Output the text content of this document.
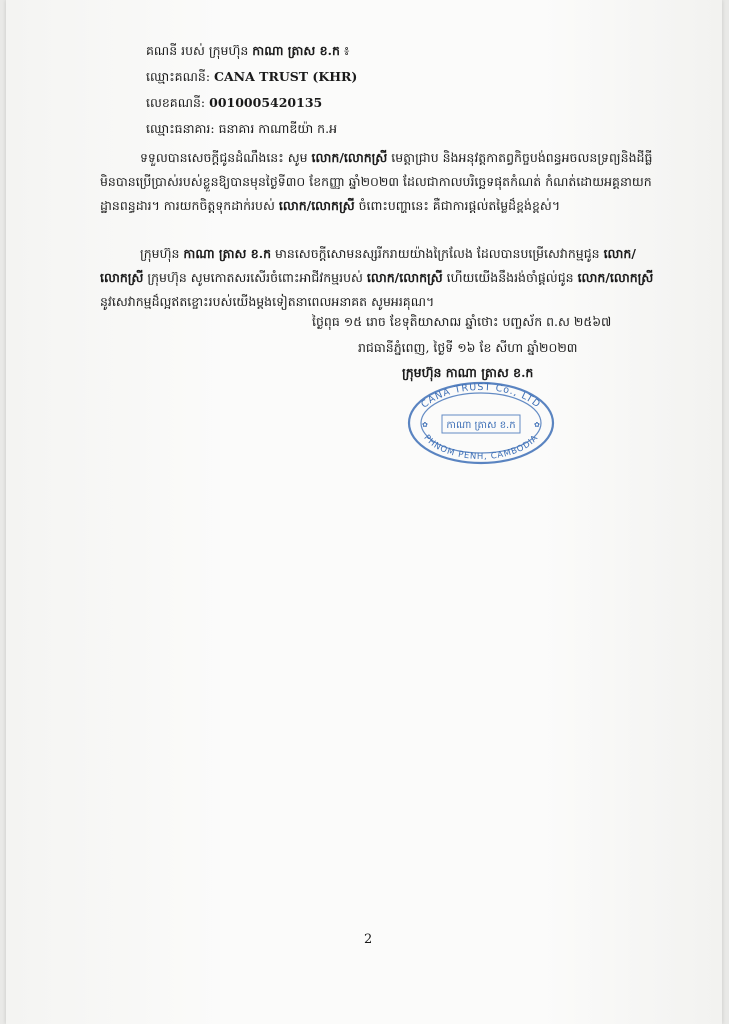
គណនី របស់ ក្រុមហ៊ុន កាណា ត្រាស ខ.ក ៖
ឈ្មោះគណនី: CANA TRUST (KHR)
លេខគណនី: 0010005420135
ឈ្មោះធនាគារ: ធនាគារ កាណាឌីយ៉ា ក.អ
ទទួលបានសេចក្ដីជូនដំណឹងនេះ សូម លោក/លោកស្រី មេត្តាជ្រាប និងអនុវត្តកាតព្វកិច្ចបង់ពន្ធអចលនទ្រព្យនិងដីធ្លីមិនបានប្រើប្រាស់របស់ខ្លួនឱ្យបានមុនថ្ងៃទី៣០ ខែកញ្ញា ឆ្នាំ២០២៣ ដែលជាកាលបរិច្ឆេទផុតកំណត់ កំណត់ដោយអគ្គនាយកដ្ឋានពន្ធដារ។ ការយកចិត្តទុកដាក់របស់ លោក/លោកស្រី ចំពោះបញ្ហានេះ គឺជាការផ្ដល់តម្លៃដ៏ខ្ពង់ខ្ពស់។
ក្រុមហ៊ុន កាណា ត្រាស ខ.ក មានសេចក្ដីសោមនស្សរីករាយយ៉ាងក្រៃលែង ដែលបានបម្រើសេវាកម្មជូន លោក/លោកស្រី ក្រុមហ៊ុន សូមកោតសរសើរចំពោះអាជីវកម្មរបស់ លោក/លោកស្រី ហើយយើងនឹងរង់ចាំផ្ដល់ជូន លោក/លោកស្រី នូវសេវាកម្មដ៏ល្អឥតខ្ចោះរបស់យើងម្ដងទៀតនាពេលអនាគត សូមអរគុណ។
ថ្ងៃពុធ ១៥ រោច ខែទុតិយាសាឍ ឆ្នាំថោះ បញ្ចស័ក ព.ស ២៥៦៧
រាជធានីភ្នំពេញ, ថ្ងៃទី ១៦ ខែ សីហា ឆ្នាំ២០២៣
ក្រុមហ៊ុន កាណា ត្រាស ខ.ក
CANA TRUST Co., LTD
PHNOM PENH, CAMBODIA
កាណា ត្រាស ខ.ក
✿	✿
2
